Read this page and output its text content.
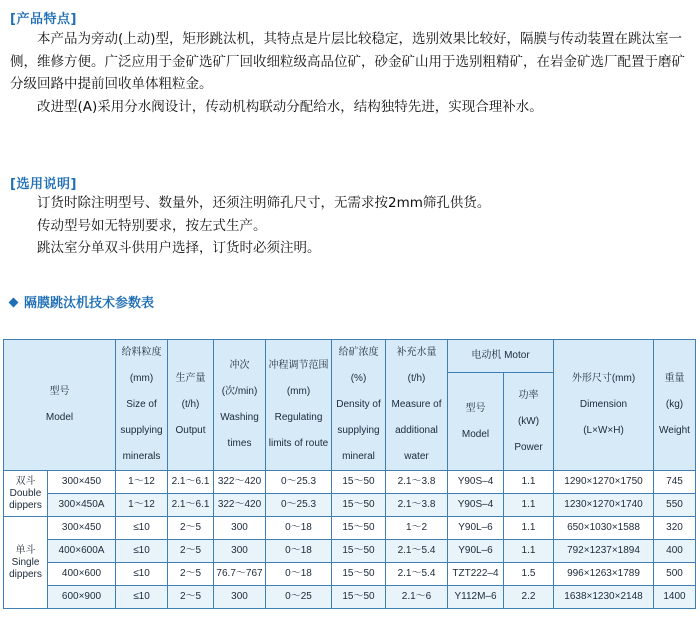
[产品特点]

本产品为旁动(上动)型，矩形跳汰机，其特点是片层比较稳定，选别效果比较好，隔膜与传动装置在跳汰室一侧，维修方便。广泛应用于金矿选矿厂回收细粒级高品位矿，砂金矿山用于选别粗精矿，在岩金矿选厂配置于磨矿分级回路中提前回收单体粗粒金。

改进型(A)采用分水阀设计，传动机构联动分配给水，结构独特先进，实现合理补水。

[选用说明]

订货时除注明型号、数量外，还须注明筛孔尺寸，无需求按2mm筛孔供货。

传动型号如无特别要求，按左式生产。

跳汰室分单双斗供用户选择，订货时必须注明。

隔膜跳汰机技术参数表
型号
Model		给料粒度
(mm)
Size of
supplying
minerals	生产量
(t/h)
Output	冲次
(次/min)
Washing
times	冲程调节范围
(mm)
Regulating
limits of route	给矿浓度
(%)
Density of
supplying
mineral	补充水量
(t/h)
Measure of
additional
water	电动机 Motor		外形尺寸(mm)
Dimension
(L×W×H)	重量
(kg)
Weight
								型号
Model	功率
(kW)
Power		
双斗
Double
dippers	300×450	1～12	2.1～6.1	322～420	0～25.3	15～50	2.1～3.8	Y90S–4	1.1	1290×1270×1750	745
	300×450A	1～12	2.1～6.1	322～420	0～25.3	15～50	2.1～3.8	Y90S–4	1.1	1230×1270×1740	550
单斗
Single
dippers	300×450	≤10	2～5	300	0～18	15～50	1～2	Y90L–6	1.1	650×1030×1588	320
	400×600A	≤10	2～5	300	0～18	15～50	2.1～5.4	Y90L–6	1.1	792×1237×1894	400
	400×600	≤10	2～5	76.7～767	0～18	15～50	2.1～5.4	TZT222–4	1.5	996×1263×1789	500
	600×900	≤10	2～5	300	0～25	15～50	2.1～6	Y112M–6	2.2	1638×1230×2148	1400
